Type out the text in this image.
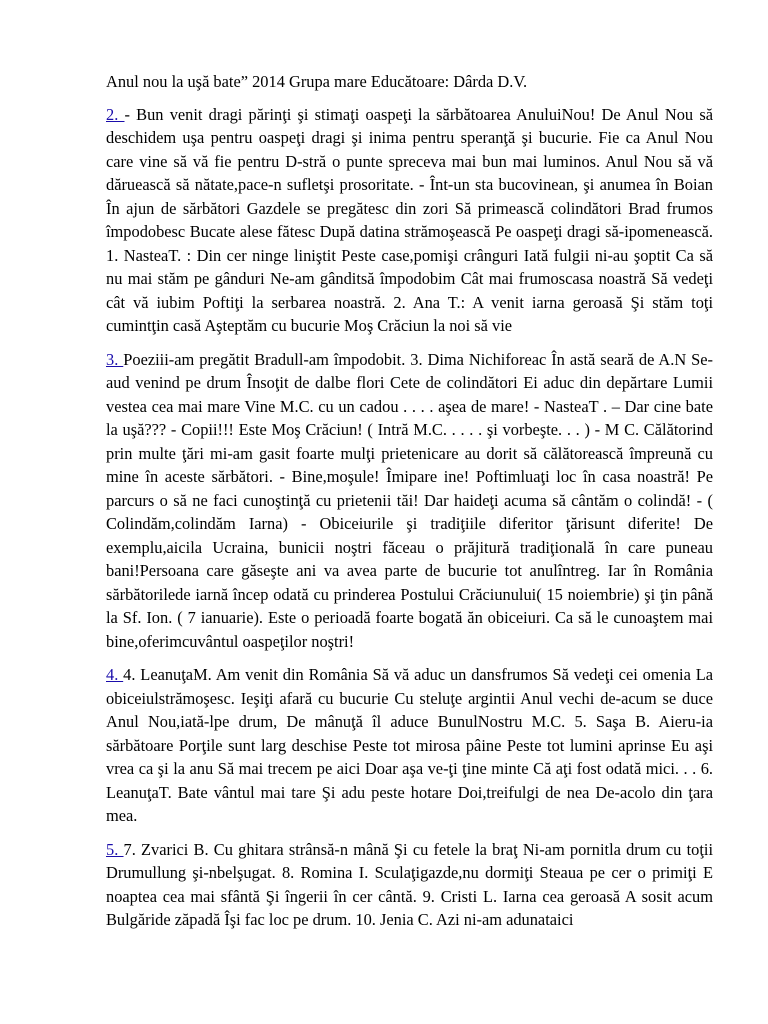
Anul nou la uşă bate” 2014 Grupa mare Educătoare: Dârda D.V.

2. - Bun venit dragi părinţi şi stimaţi oaspeţi la sărbătoarea AnuluiNou! De Anul Nou să deschidem uşa pentru oaspeţi dragi şi inima pentru speranţă şi bucurie. Fie ca Anul Nou care vine să vă fie pentru D-stră o punte spreceva mai bun mai luminos. Anul Nou să vă dăruească să nătate,pace-n sufletşi prosoritate. - Înt-un sta bucovinean, şi anumea în Boian În ajun de sărbători Gazdele se pregătesc din zori Să primească colindători Brad frumos împodobesc Bucate alese fătesc După datina strămoşească Pe oaspeţi dragi să-ipomenească. 1. NasteaT. : Din cer ninge liniştit Peste case,pomişi crânguri Iată fulgii ni-au şoptit Ca să nu mai stăm pe gânduri Ne-am gânditsă împodobim Cât mai frumoscasa noastră Să vedeţi cât vă iubim Poftiţi la serbarea noastră. 2. Ana T.: A venit iarna geroasă Şi stăm toţi cumintţin casă Aşteptăm cu bucurie Moş Crăciun la noi să vie

3. Poeziii-am pregătit Bradull-am împodobit. 3. Dima Nichiforeac În astă seară de A.N Se-aud venind pe drum Însoţit de dalbe flori Cete de colindători Ei aduc din depărtare Lumii vestea cea mai mare Vine M.C. cu un cadou . . . . aşea de mare! - NasteaT . – Dar cine bate la uşă??? - Copii!!! Este Moş Crăciun! ( Intră M.C. . . . . şi vorbeşte. . . ) - M C. Călătorind prin multe ţări mi-am gasit foarte mulţi prietenicare au dorit să călătorească împreună cu mine în aceste sărbători. - Bine,moşule! Îmipare ine! Poftimluaţi loc în casa noastră! Pe parcurs o să ne faci cunoştinţă cu prietenii tăi! Dar haideţi acuma să cântăm o colindă! - ( Colindăm,colindăm Iarna) - Obiceiurile şi tradiţiile diferitor ţărisunt diferite! De exemplu,aicila Ucraina, bunicii noştri făceau o prăjitură tradiţională în care puneau bani!Persoana care găseşte ani va avea parte de bucurie tot anulîntreg. Iar în România sărbătorilede iarnă încep odată cu prinderea Postului Crăciunului( 15 noiembrie) şi ţin până la Sf. Ion. ( 7 ianuarie). Este o perioadă foarte bogată ăn obiceiuri. Ca să le cunoaştem mai bine,oferimcuvântul oaspeţilor noştri!

4. 4. LeanuţaM. Am venit din România Să vă aduc un dansfrumos Să vedeţi cei omenia La obiceiulstrămoşesc. Ieşiţi afară cu bucurie Cu steluţe argintii Anul vechi de-acum se duce Anul Nou,iată-lpe drum, De mânuţă îl aduce BunulNostru M.C. 5. Saşa B. Aieru-ia sărbătoare Porţile sunt larg deschise Peste tot mirosa pâine Peste tot lumini aprinse Eu aşi vrea ca şi la anu Să mai trecem pe aici Doar aşa ve-ţi ţine minte Că aţi fost odată mici. . . 6. LeanuţaT. Bate vântul mai tare Şi adu peste hotare Doi,treifulgi de nea De-acolo din ţara mea.

5. 7. Zvarici B. Cu ghitara strânsă-n mână Şi cu fetele la braţ Ni-am pornitla drum cu toţii Drumullung şi-nbelşugat. 8. Romina I. Sculaţigazde,nu dormiţi Steaua pe cer o primiţi E noaptea cea mai sfântă Şi îngerii în cer cântă. 9. Cristi L. Iarna cea geroasă A sosit acum Bulgăride zăpadă Îşi fac loc pe drum. 10. Jenia C. Azi ni-am adunataici
